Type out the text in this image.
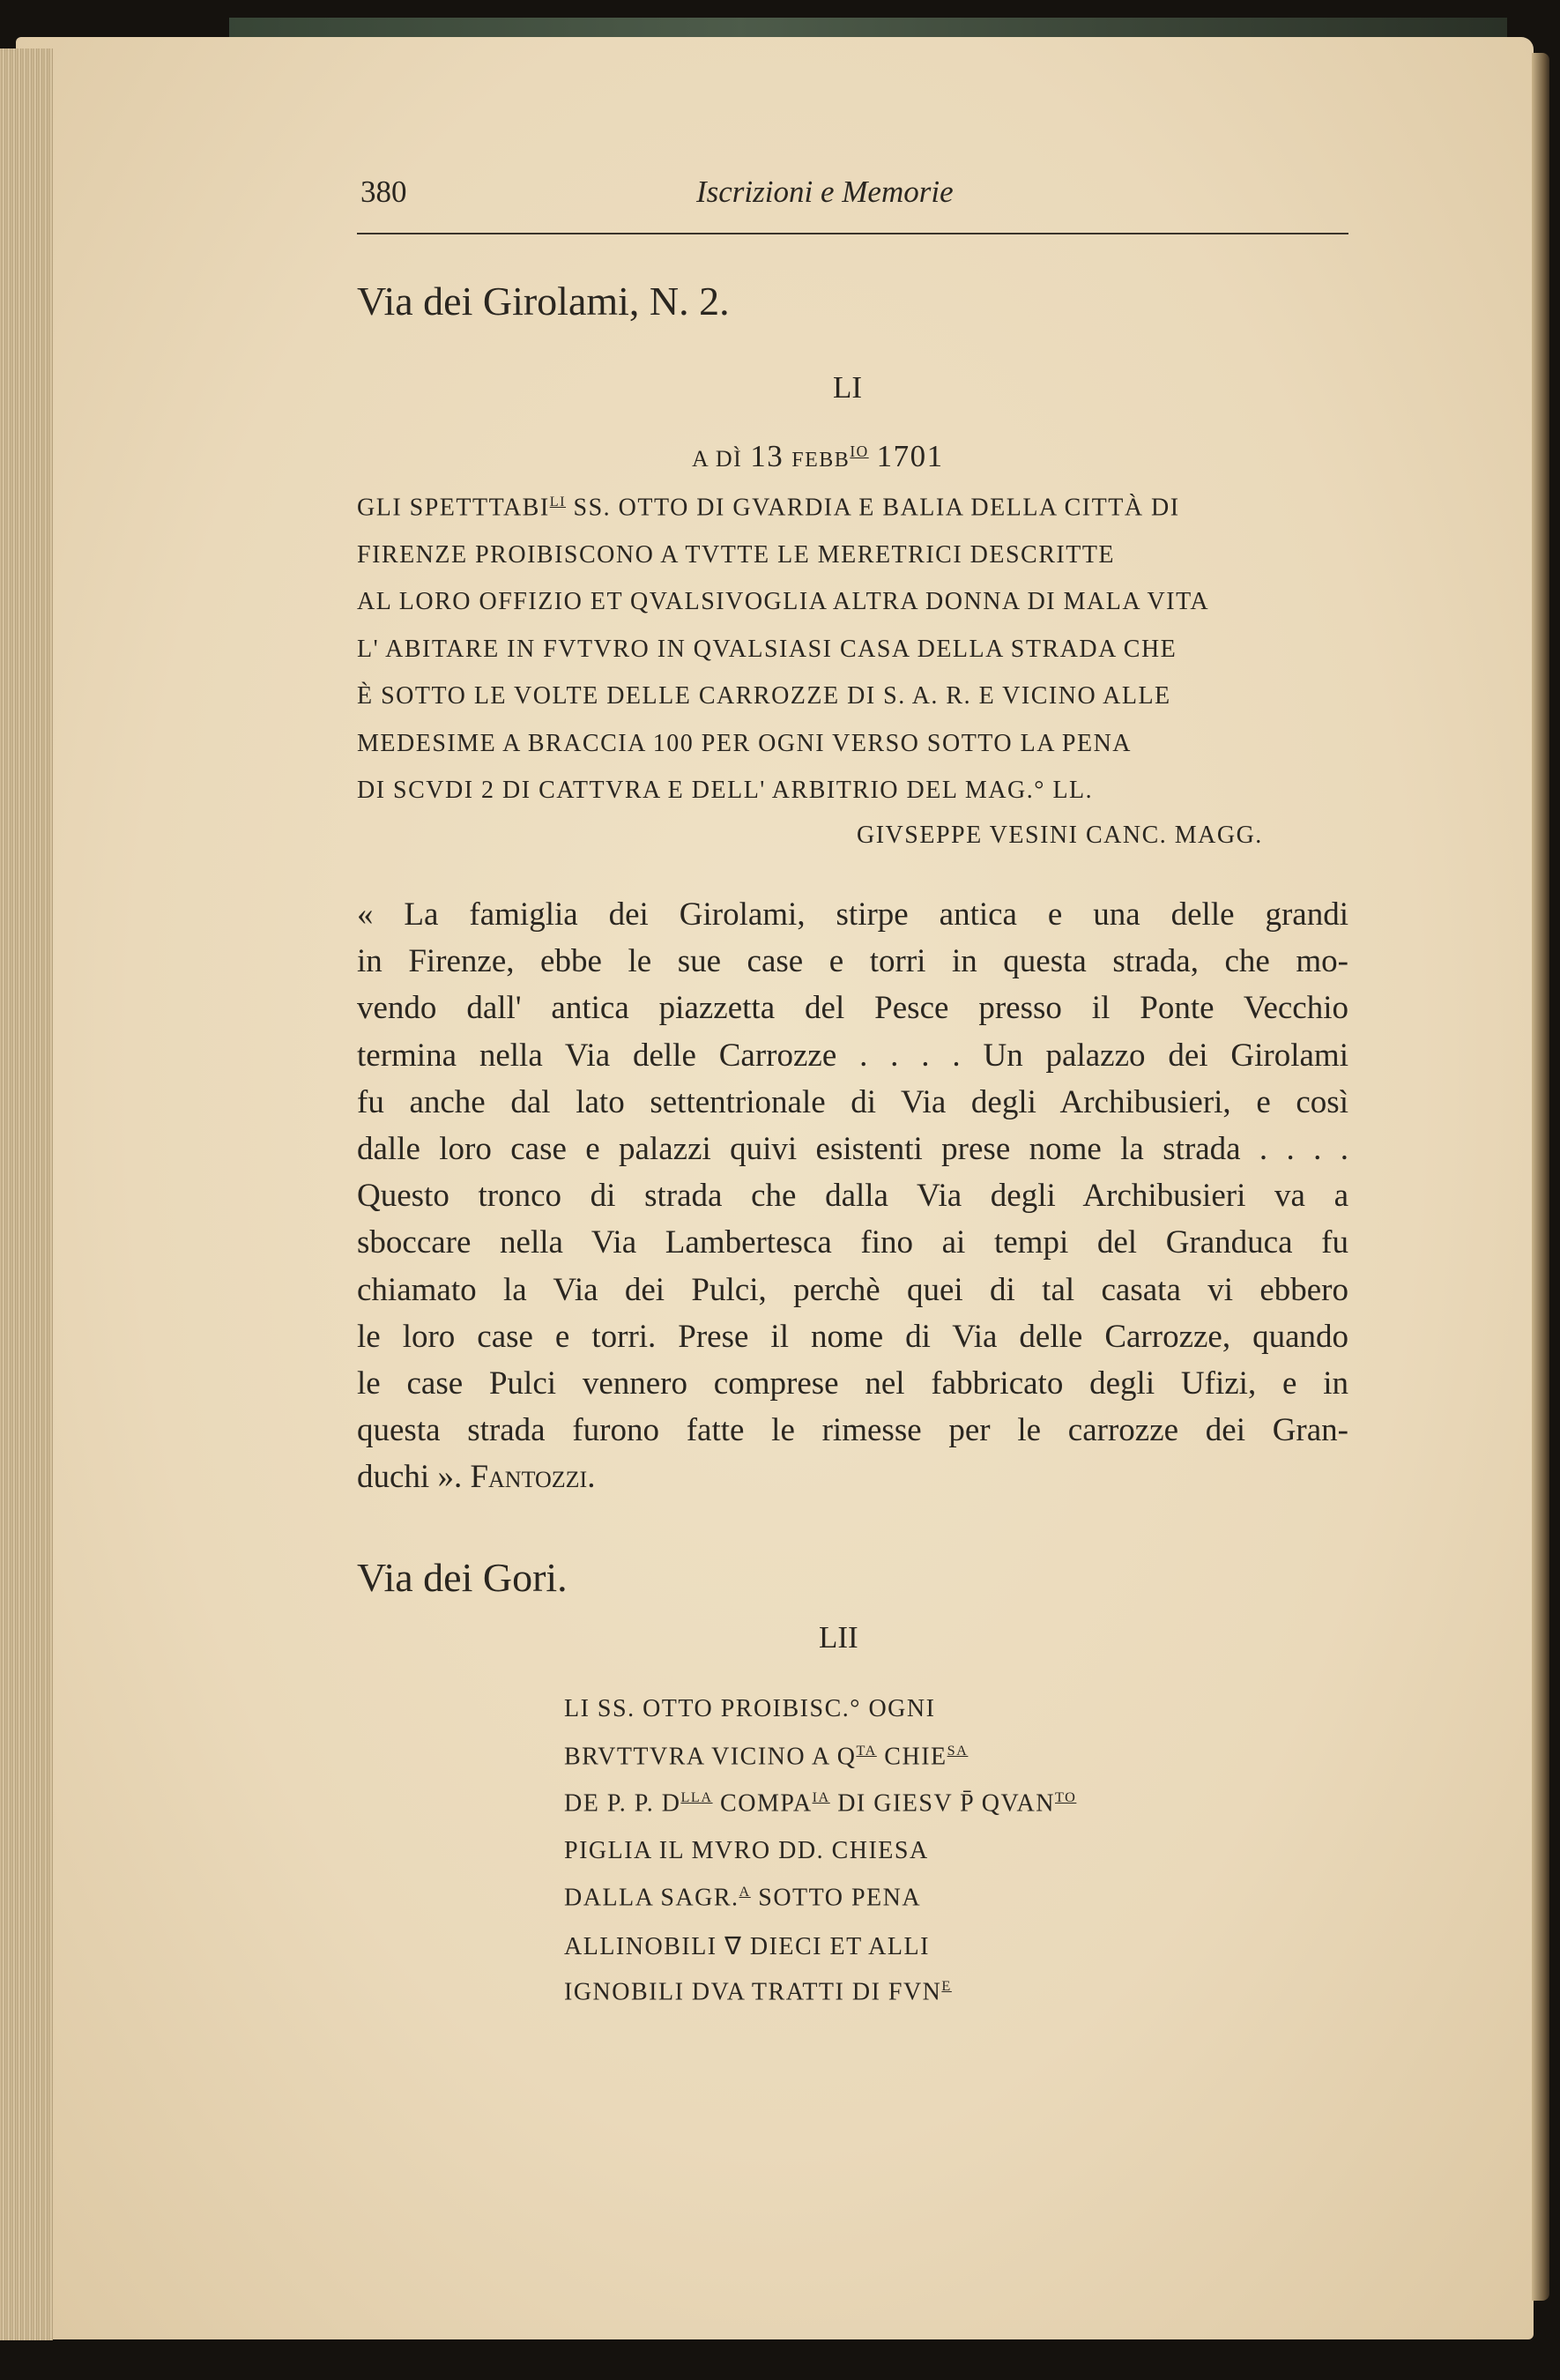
380	Iscrizioni e Memorie
Via dei Girolami, N. 2.
LI
A DÌ 13 $FEBB^{IO}$ 1701
GLI $SPETTTABI^{LI}$ SS. OTTO DI GVARDIA E BALIA DELLA CITTÀ DI
FIRENZE PROIBISCONO A TVTTE LE MERETRICI DESCRITTE
AL LORO OFFIZIO ET QVALSIVOGLIA ALTRA DONNA DI MALA VITA
L' ABITARE IN FVTVRO IN QVALSIASI CASA DELLA STRADA CHE
È SOTTO LE VOLTE DELLE CARROZZE DI S. A. R. E VICINO ALLE
MEDESIME A BRACCIA 100 PER OGNI VERSO SOTTO LA PENA
DI SCVDI 2 DI CATTVRA E DELL' ARBITRIO DEL MAG.° LL.
GIVSEPPE VESINI CANC. MAGG.
« La famiglia dei Girolami, stirpe antica e una delle grandi
in Firenze, ebbe le sue case e torri in questa strada, che mo-
vendo dall' antica piazzetta del Pesce presso il Ponte Vecchio
termina nella Via delle Carrozze . . . . Un palazzo dei Girolami
fu anche dal lato settentrionale di Via degli Archibusieri, e così
dalle loro case e palazzi quivi esistenti prese nome la strada . . . .
Questo tronco di strada che dalla Via degli Archibusieri va a
sboccare nella Via Lambertesca fino ai tempi del Granduca fu
chiamato la Via dei Pulci, perchè quei di tal casata vi ebbero
le loro case e torri. Prese il nome di Via delle Carrozze, quando
le case Pulci vennero comprese nel fabbricato degli Ufizi, e in
questa strada furono fatte le rimesse per le carrozze dei Gran-
duchi ». Fantozzi.
Via dei Gori.
LII
LI SS. OTTO PROIBISC.° OGNI
BRVTTVRA VICINO A $Q^{TA}$ $CHIE^{SA}$
DE P. P. $D^{LLA}$ $COMPA^{IA}$ DI GIESV P̄ $QVAN^{TO}$
PIGLIA IL MVRO DD. CHIESA
DALLA SAGR.$^A$ SOTTO PENA
ALLINOBILI ∇ DIECI ET ALLI
IGNOBILI DVA TRATTI DI $FVN^E$
